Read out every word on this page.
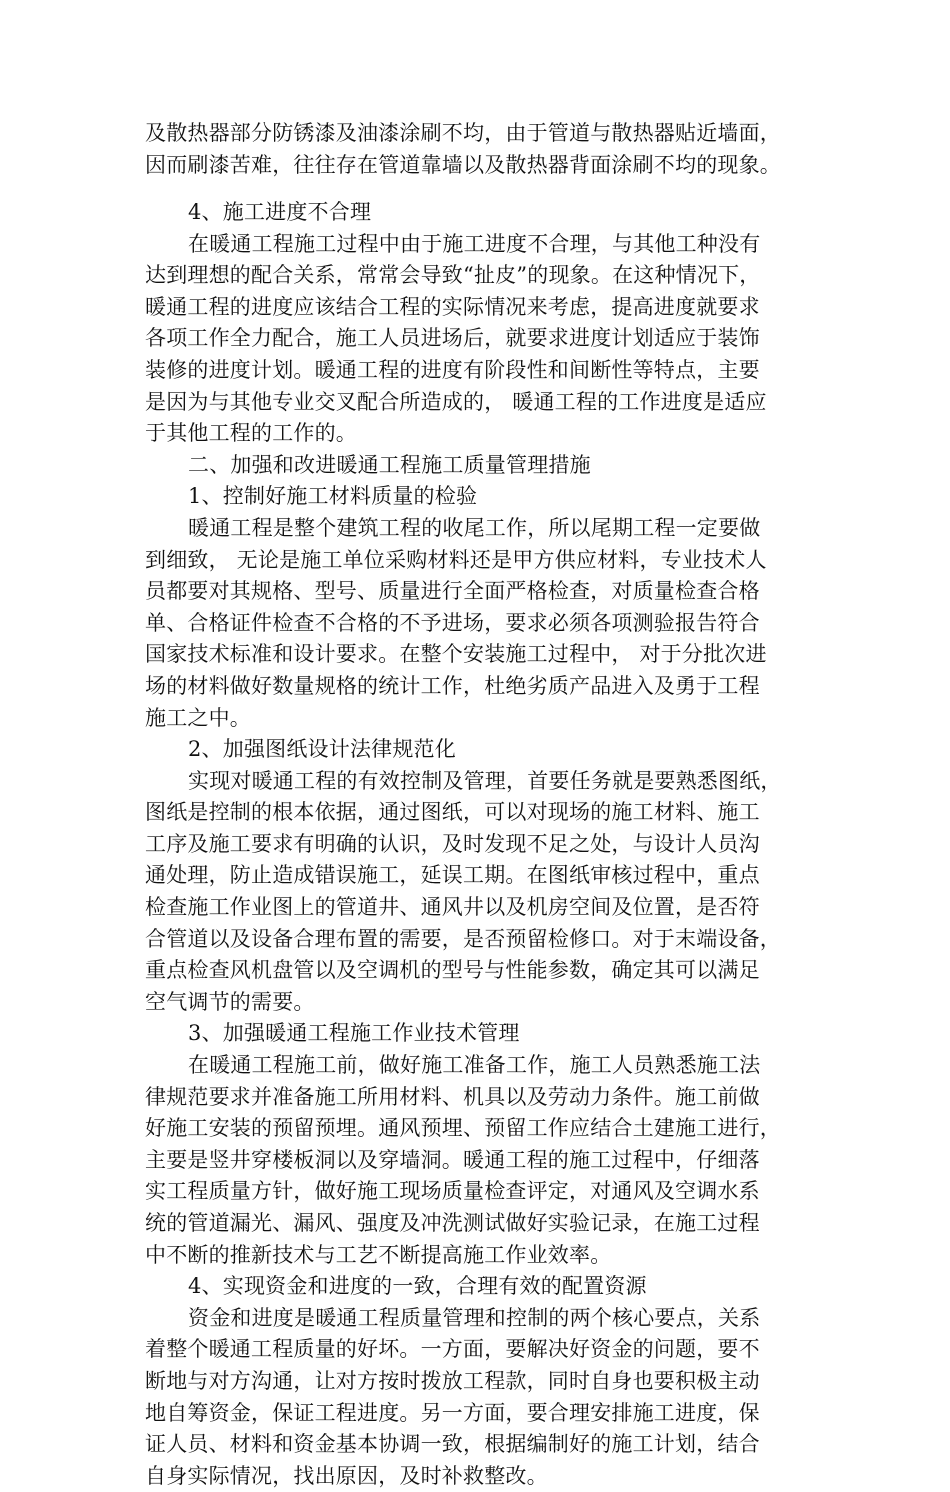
及散热器部分防锈漆及油漆涂刷不均，由于管道与散热器贴近墙面，
因而刷漆苦难，往往存在管道靠墙以及散热器背面涂刷不均的现象。
4、施工进度不合理
在暖通工程施工过程中由于施工进度不合理，与其他工种没有
达到理想的配合关系，常常会导致“扯皮”的现象。在这种情况下，
暖通工程的进度应该结合工程的实际情况来考虑，提高进度就要求
各项工作全力配合，施工人员进场后，就要求进度计划适应于装饰
装修的进度计划。暖通工程的进度有阶段性和间断性等特点，主要
是因为与其他专业交叉配合所造成的， 暖通工程的工作进度是适应
于其他工程的工作的。
二、加强和改进暖通工程施工质量管理措施
1、控制好施工材料质量的检验
暖通工程是整个建筑工程的收尾工作，所以尾期工程一定要做
到细致， 无论是施工单位采购材料还是甲方供应材料，专业技术人
员都要对其规格、型号、质量进行全面严格检查，对质量检查合格
单、合格证件检查不合格的不予进场，要求必须各项测验报告符合
国家技术标准和设计要求。在整个安装施工过程中， 对于分批次进
场的材料做好数量规格的统计工作，杜绝劣质产品进入及勇于工程
施工之中。
2、加强图纸设计法律规范化
实现对暖通工程的有效控制及管理，首要任务就是要熟悉图纸，
图纸是控制的根本依据，通过图纸，可以对现场的施工材料、施工
工序及施工要求有明确的认识，及时发现不足之处，与设计人员沟
通处理，防止造成错误施工，延误工期。在图纸审核过程中，重点
检查施工作业图上的管道井、通风井以及机房空间及位置，是否符
合管道以及设备合理布置的需要，是否预留检修口。对于末端设备，
重点检查风机盘管以及空调机的型号与性能参数，确定其可以满足
空气调节的需要。
3、加强暖通工程施工作业技术管理
在暖通工程施工前，做好施工准备工作，施工人员熟悉施工法
律规范要求并准备施工所用材料、机具以及劳动力条件。施工前做
好施工安装的预留预埋。通风预埋、预留工作应结合土建施工进行，
主要是竖井穿楼板洞以及穿墙洞。暖通工程的施工过程中，仔细落
实工程质量方针，做好施工现场质量检查评定，对通风及空调水系
统的管道漏光、漏风、强度及冲洗测试做好实验记录，在施工过程
中不断的推新技术与工艺不断提高施工作业效率。
4、实现资金和进度的一致，合理有效的配置资源
资金和进度是暖通工程质量管理和控制的两个核心要点，关系
着整个暖通工程质量的好坏。一方面，要解决好资金的问题，要不
断地与对方沟通，让对方按时拨放工程款，同时自身也要积极主动
地自筹资金，保证工程进度。另一方面，要合理安排施工进度，保
证人员、材料和资金基本协调一致，根据编制好的施工计划，结合
自身实际情况，找出原因，及时补救整改。
